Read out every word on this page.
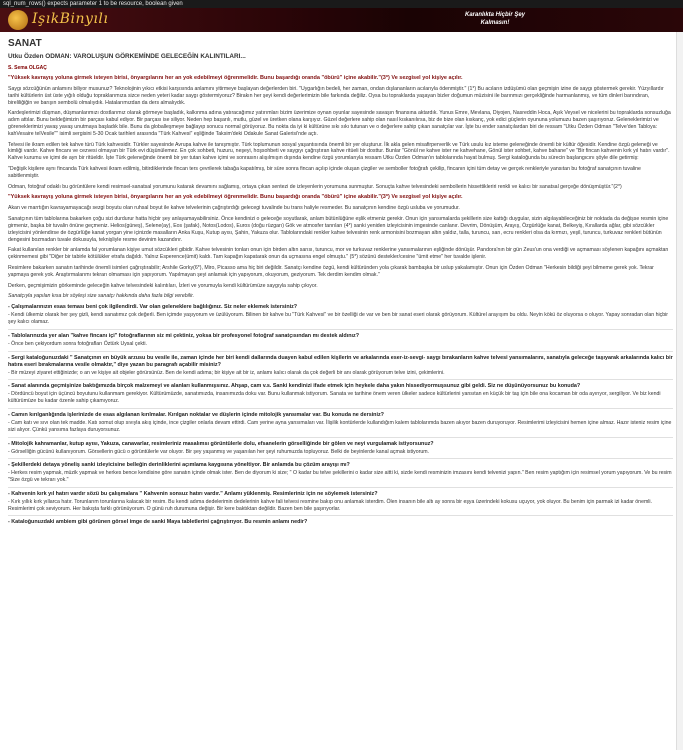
sql_num_rows() expects parameter 1 to be resource, boolean given
IşıkBinyılı	Karanlıkta Hiçbir Şey
Kalmasın!
SANAT
Utku Özden ODMAN: VAROLUŞUN GÖRKEMİNDE GELECEĞİN KALINTILARI...
S. Sema OLGAÇ
"Yüksek kavrayış yoluna girmek isteyen birisi, önyargılarını her an yok edebilmeyi öğrenmelidir. Bunu başardığı oranda "öbürü" içine akabilir."(3*) Ve sezgisel yol kişiye açılır.
Saygı sözcüğünün anlamını biliyor musunuz? Teknolojinin yıkıcı etkisi karşısında anlamını yitirmeye başlayan değerlerden biri. "Uygarlığın bedeli, her zaman, ondan dışlananların acılarıyla ödenmiştir." (1*) Bu acıların izdüşümü olan geçmişin izine de saygı göstermek gerekir. Yüzyıllardır tarihi kültürlerin üst üste yığılı olduğu topraklarımıza sizce neden yeteri kadar saygı göstermiyoruz? Birakın her şeyi kendi değerlerimizin bile farkında değiliz. Oysa bu topraklarda yaşayan bizler doğumun müzisini ile barınmızı gerçekliğinde harmanlanmış, ve tüm dinleri barındıran, bireliliğiğin ve barışın sembolü olmalıydık. Hatalarımızdan da ders almalıydık.
Kardeşlerimizi düşman, düşmanlarımızı dostlarımız olarak görmeye başladık, kalkınma adına yatıracağımız yatırımları bizim üzerimize oynan oyunlar sayesinde savaşın finansına aktardık. Yunus Emre, Mevlana, Diyojen, Nasreddin Hoca, Aşık Veysel ve nicelerini bu topraklarda sonsuzluğa adım attılar. Bunu beldeğimizin bir parçası kabul ediyor. Bir parçası ise siliyor. Neden hep başarılı, mutlu, güzel ve üretken olana karşıyız. Güzel değerlere sahip olan nasıl kıskanılırsa, biz de bize olan kıskanç, yok edici güçlerin oyununa yolumuzu bazen şaşırıyoruz. Geleneklerimizi ve göreneklerimizi yavaş yavaş unutmaya başladık bile. Bunu da globalleşmeye bağlayıp sonucu normal görüyoruz. Bu nokta da iyi ki kültürüne sıkı sıkı tutunan ve o değerlere sahip çıkan sanatçılar var. İşte bu ender sanatçılardan biri de ressam "Utku Özden Odman "Telve'den Tabloya: kahVesaire telVesile"" isimli sergisini 5-30 Ocak tarihleri arasında "Türk Kahvesi" eşliğinde Taksim'deki Odakule Sanat Galerisi'nde açtı.
Telvesi ile ikram edilen tek kahve türü Türk kahvesidir. Türkler sayesinde Avrupa kahve ile tanışmıştır. Türk toplumunun sosyal yaşantısında önemli bir yer oluşturur. İlk akla gelen misafirperverlik ve Türk usulu kız isteme geleneğinde önemli bir kültür öğesidir. Kendine özgü geleneği ve kimliği vardır. Kahve fincanı ve cezvesi olmayan bir Türk evi düşünülemez. En çok sohbeti, huzuru, neşeyi, hoşsohbeti ve saygıyı çağrıştıran kahve ritüeli bir dosttur. Bunlar "Gönül ne kahve ister ne kahvehane, Gönül ister sohbet, kahve bahane" ve "Bir fincan kahvenin kırk yıl hatırı vardır". Kahve kurumu ve içimi de ayrı bir ritüeldir. İşte Türk geleneğinde önemli bir yer tutan kahve içimi ve sonrasını alışılmışın dışında kendine özgü yorumlarıyla ressam Utku Özden Odman'ın tablolarında hayat bulmuş. Sergi kataloğunda bu sürecin başlangıcını şöyle dile getirmiş:
"Değişik kişilere aynı fincanda Türk kahvesi ikram edilmiş, bitirdiklerinde fincan ters çevrilerek tabağa kapatılmış, bir süre sonra fincan açılıp içinde oluşan çizgiler ve semboller fotoğrafı çekilip, fincanın içini tüm detay ve gerçek renkleriyle yansıtan bu fotoğraf sanatçının tuvaline sabitlenmiştir.
Odman, fotoğraf odaklı bu görüntülere kendi resimsel-sanatsal yorumunu katarak devamını sağlamış, ortaya çıkan sentezi de izleyenlerin yorumuna sunmuştur. Sonuçta kahve telvesindeki sembollerin hissettikleriri renkli ve kalıcı bir sanatsal gerçeğe dönüşmüştür."(2*)
"Yüksek kavrayış yoluna girmek isteyen birisi, önyargılarını her an yok edebilmeyi öğrenmelidir. Bunu başardığı oranda "öbürü" içine akabilir."(3*) Ve sezgisel yol kişiye açılır.
Akan ve marrtığın kavrayamayacağı sezgi boyutu olan ruhsal boyut ile kahve telvelerinin çağrıştırdığı gelecegi tuvalinde bu trans haliyle resmeder. Bu sanatçının kendine özgü usluba ve yorumudur.
Sanatçının tüm tablolarına bakarken çoğu sizi durdurur hatta hiçbir şey anlayamayabilirsiniz. Önce kendinizi o geleceğe soyutlarak, anlam bütünlüğüne eşlik etmeniz gerekir. Onun için yansımalarda şekillerin size kattığı duygular, sizin algılayabileceğiniz bir noktada da değişse resmin içine girmeniz, başka bir tuvalin önüne geçmeniz. Helios(güneş), Selene(ay), Eos (şafak), Notos(Lodos), Euros (doğu rüzgarı) Gök ve atmosfer tanrıları (4*) sanki yeniden izleyicisinin imgesinde canlanır. Devrim, Dönüşüm, Arayış, Özgürlüğe kanat, Belkeyiş, Kırallarda ağlar, gibi sözcükler izleyicisini yönlendirse de özgürlüğe kanat yorgan yine içinizde masalların Anka Kuşu, Kutup ayısı, Şahin, Yakuza olur. Tablolarındaki renkler kahve telvesinin renk armonisini bozmayan altın yaldız, talla, turuncu, sarı, ecru renkleri olsa da kırmızı, yeşil, turuncu, turkuvaz renkleri bütünün dengesini bozmadan tuvale dokusuyla, teknişliyle resme devinim kazandırır.
Fakat kullanılan renkler bir anlamda fal yorumlanan kişiye umut sözcükleri gibidir. Kahve telvesinin tonları onun için birden altın sarısı, turuncu, mor ve turkuvaz renklerine yansımalarının eşliğinde dönüşür. Pandora'nın bir gün Zeus'un ona verdiği ve açmaması söylenen kapağını açmaktan çekinmemesi gibi "Diğer bir tabirle kötülükler etrafa dağıldı. Yalnız Esperence(ümit) kaldı. Tam kapağın kapatarak onun da uçmasına engel olmuştu." (5*) sözünü destekler/cesine "ümit etme" her tuvalde işlenir.
Resimlere bakarken sanatın tarihinde önemli isimleri çağrıştırabilir; Arshile Gorky(6*), Miro, Picasso ama hiç biri değildir. Sanatçı kendine özgü, kendi kültüründen yola çıkarak bambaşka bir uslup yakalamıştır. Onun için Özden Odman "Herkesin bildiği şeyi bilmeme gerek yok. Tekrar yapmaya gerek yok. Araştırmalarımı tekrarı olmaması için yapıyorum. Yapılmayan şeyi anlamak için yapıyorum, okuyorum, geziyorum. Tek derdim kendim olmak."
Derken, geçmişimizin görkeminde geleceğin kahve telvesindeki kalıntıları, İzleri ve yorumuyla kendi kültürümüze saygıyla sahip çıkıyor.
Sanatçıyla yapılan kısa bir söyleşi size sanatçı hakkında daha fazla bilgi verebilir.
- Çalışmalarınızın esas teması beni çok ilgilendirdi. Var olan geleneklere bağlılığınız. Siz neler eklemek istersiniz?
- Kendi ülkemiz olarak her şey gizli, kendi sanatımız çok değerli. Ben içimde yaşıyorum ve üzülüyorum. Bilinen bir kahve bu "Türk Kahvesi" ve bir özelliği de var ve ben bir sanat eseri olarak görüyorum. Kültürel arayışım bu oldu. Neyin kökü öz oluyorsa o oluyor. Yapay sonradan olan hiçbir şey kalıcı olamaz.
- Tablolarınızda yer alan "kahve fincanı içi" fotoğraflarının siz mi çektiniz, yoksa bir profesyonel fotoğraf sanatçısından mı destek aldınız?
- Önce ben çekiyordum sonra fotoğrafları Öztürk Uysal çekti.
- Sergi kataloğunuzdaki " Sanatçının en büyük arzusu bu vesile ile, zaman içinde her biri kendi dallarında duayen kabul edilen kişilerin ve arkalarında eser-iz-sevgi- saygı bırakanların kahve telvesi yansımalarını, sanatıyla geleceğe taşıyarak arkalarında kalıcı bir hatıra eseri bırakmalarına vesile olmaktır," diye yazan bu paragrafı açabilir misiniz?
- Bir müzeyi ziyaret ettiğinizde; o an ve kişiye ait objeler görürsünüz. Ben de kendi adıma; bir kişiye ait bir iz, anlamı kalıcı olarak da çok değerli bir anı olarak görüyorum telve izini, çekimlerini.
- Sanat alanında geçmişinize baktığımızda birçok malzemeyi ve alanları kullanmışsınız. Ahşap, cam v.s. Sanki kendinizi ifade etmek için heykele daha yakın hissediyormuşsunuz gibi geldi. Siz ne düşünüyorsunuz bu konuda?
- Dördüncü boyut için üçüncü boyutunu kullanmam gerekiyor. Kültürümüzde, sanatımızda, insanımızda doku var. Bunu kullanmak istiyorum. Sanata ve tarihine önem veren ülkeler sadece kültürlerini yansıtan en küçük bir taş için bile ona kocaman bir oda ayırıyor, sergiliyor. Ve biz kendi kültürümüze bu kadar özenle sahip çıkamıyoruz.
- Camın kırılganlığında işlerinizde de esas algılanan kırılmalar. Kırılgan noktalar ve düşlerin içinde mitolojik yansımalar var. Bu konuda ne dersiniz?
- Cam katı ve sıvı olan tek madde. Katı somut olup sıvıyla akış içinde, ince çizgiler onlarla devam ettirdi. Cam yerine ayna yansımaları var. İlişilik kontürlerde kullandığım kalem tablolarımda bazen akıyor bazen duruyoruyor. Resimlerimi izleyicisini hemen içine almaz. Hazır isteniz resim içine sizi alıyor. Çünkü yansıma fazlaya duruyorsunuz.
- Mitolojik kahramanlar, kutup ayısı, Yakuza, canavarlar, resimleriniz masalımsı görüntülerle dolu, efsanelerin görselliğinde bir gölen ve neyi vurgulamak istiyorsunuz?
- Görselliğin gücünü kullanıyorum. Görsellerin gücü o görüntülerle var oluyor. Bir şey yaşanmış ve yaşanılan her şeyi ruhumuzda topluyoruz. Belki de beyinlerde kanal açmak istiyorum.
- Şekillerdeki detaya yöneliş sanki izleyicisine belleğin derinliklerini açımlama kaygısına yöneltiyor. Bir anlamda bu çözüm arayışı mı?
- Herkes resim yapmak, müzik yapmak ve herkes bence kendisine göre sanatın içinde olmak ister. Ben de diyorum ki size; " O kadar bu telve şekillerini o kadar size aitti ki, sizde kendi resminizin imzasını kendi telvenizi yapın." Ben resim yaptığım için resimsel yorum yapıyorum. Ve bu resim "Size özgü ve tekrarı yok."
- Kahvenin kırk yıl hatırı vardır sözü bu çalışmalara " Kahvenin sonsuz hatırı vardır." Anlamı yüklenmiş. Resimleriniz için ne söylemek istersiniz?
- Kırk yıllık kırk yıllarca hatır. Torunlarım torunlarına kalacak bir resim. Bu kendi adıma dedelerimin dedelerinin kahve fali telvesi resmine bakıp onu anlamak isterdim. Ölen insanın bile altı ay sonra bir eşya üzerindeki kokusu uçuyor, yok oluyor. Bu benim için parmak izi kadar önemli. Resimlerimi çok seviyorum. Her bakışta farklı görünüyorum. O günü ruh durumuna değişir. Bir kere baktıktan değildir. Bazen ben bile şaşırıyorlar.
- Kataloğunuzdaki ambiem gibi görünen görsel imge de sanki Maya tabletlerini çağrıştırıyor. Bu resmin anlamı nedir?
